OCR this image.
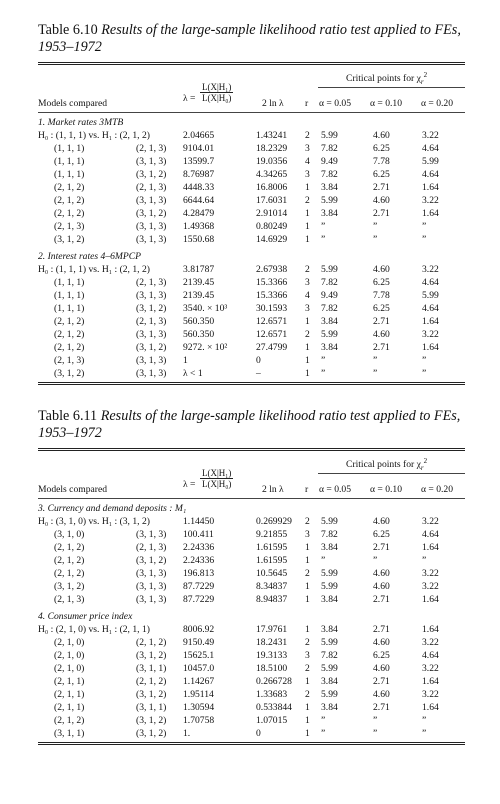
Table 6.10 Results of the large-sample likelihood ratio test applied to FEs,
1953–1972
Critical points for $\chi_r^2$
Models compared	$\lambda = \frac{\text{L(X|H₁)}}{\text{L(X|H₀)}}$
2 ln λ r α = 0.05 α = 0.10 α = 0.20
1. Market rates 3MTB
H₀ : (1, 1, 1) vs. H₁ : (2, 1, 2)	2.04665	1.43241 2 5.99	4.60	3.22
(1, 1, 1)	(2, 1, 3) 9104.01	18.2329 3 7.82	6.25	4.64
(1, 1, 1)	(3, 1, 3) 13599.7	19.0356 4 9.49	7.78	5.99
(1, 1, 1)	(3, 1, 2) 8.76987	4.34265 3 7.82	6.25	4.64
(2, 1, 2)	(2, 1, 3) 4448.33	16.8006 1 3.84	2.71	1.64
(2, 1, 2)	(3, 1, 3) 6644.64	17.6031 2 5.99	4.60	3.22
(2, 1, 2)	(3, 1, 2) 4.28479	2.91014 1 3.84	2.71	1.64
(2, 1, 3)	(3, 1, 3) 1.49368	0.80249 1 ”	”	”
(3, 1, 2)	(3, 1, 3) 1550.68	14.6929 1 ”	”	”
2. Interest rates 4–6MPCP
H₀ : (1, 1, 1) vs. H₁ : (2, 1, 2)	3.81787	2.67938 2 5.99	4.60	3.22
(1, 1, 1)	(2, 1, 3) 2139.45	15.3366 3 7.82	6.25	4.64
(1, 1, 1)	(3, 1, 3) 2139.45	15.3366 4 9.49	7.78	5.99
(1, 1, 1)	(3, 1, 2) 3540. × 10³	30.1593 3 7.82	6.25	4.64
(2, 1, 2)	(2, 1, 3) 560.350	12.6571 1 3.84	2.71	1.64
(2, 1, 2)	(3, 1, 3) 560.350	12.6571 2 5.99	4.60	3.22
(2, 1, 2)	(3, 1, 2) 9272. × 10²	27.4799 1 3.84	2.71	1.64
(2, 1, 3)	(3, 1, 3) 1	0	1 ”	”	”
(3, 1, 2)	(3, 1, 3) λ < 1	–	1 ”	”	”
Table 6.11 Results of the large-sample likelihood ratio test applied to FEs,
1953–1972
Critical points for $\chi_r^2$
Models compared	$\lambda = \frac{\text{L(X|H₁)}}{\text{L(X|H₀)}}$
2 ln λ r α = 0.05 α = 0.10 α = 0.20
3. Currency and demand deposits : M₁
H₀ : (3, 1, 0) vs. H₁ : (3, 1, 2)	1.14450	0.269929 2 5.99	4.60	3.22
(3, 1, 0)	(3, 1, 3) 100.411	9.21855 3 7.82	6.25	4.64
(2, 1, 2)	(2, 1, 3) 2.24336	1.61595 1 3.84	2.71	1.64
(2, 1, 2)	(3, 1, 2) 2.24336	1.61595 1 ”	”	”
(2, 1, 2)	(3, 1, 3) 196.813	10.5645 2 5.99	4.60	3.22
(3, 1, 2)	(3, 1, 3) 87.7229	8.34837 1 5.99	4.60	3.22
(2, 1, 3)	(3, 1, 3) 87.7229	8.94837 1 3.84	2.71	1.64
4. Consumer price index
H₀ : (2, 1, 0) vs. H₁ : (2, 1, 1)	8006.92	17.9761 1 3.84	2.71	1.64
(2, 1, 0)	(2, 1, 2) 9150.49	18.2431 2 5.99	4.60	3.22
(2, 1, 0)	(3, 1, 2) 15625.1	19.3133 3 7.82	6.25	4.64
(2, 1, 0)	(3, 1, 1) 10457.0	18.5100 2 5.99	4.60	3.22
(2, 1, 1)	(2, 1, 2) 1.14267	0.266728 1 3.84	2.71	1.64
(2, 1, 1)	(3, 1, 2) 1.95114	1.33683 2 5.99	4.60	3.22
(2, 1, 1)	(3, 1, 1) 1.30594	0.533844 1 3.84	2.71	1.64
(2, 1, 2)	(3, 1, 2) 1.70758	1.07015 1 ”	”	”
(3, 1, 1)	(3, 1, 2) 1.	0	1 ”	”	”
